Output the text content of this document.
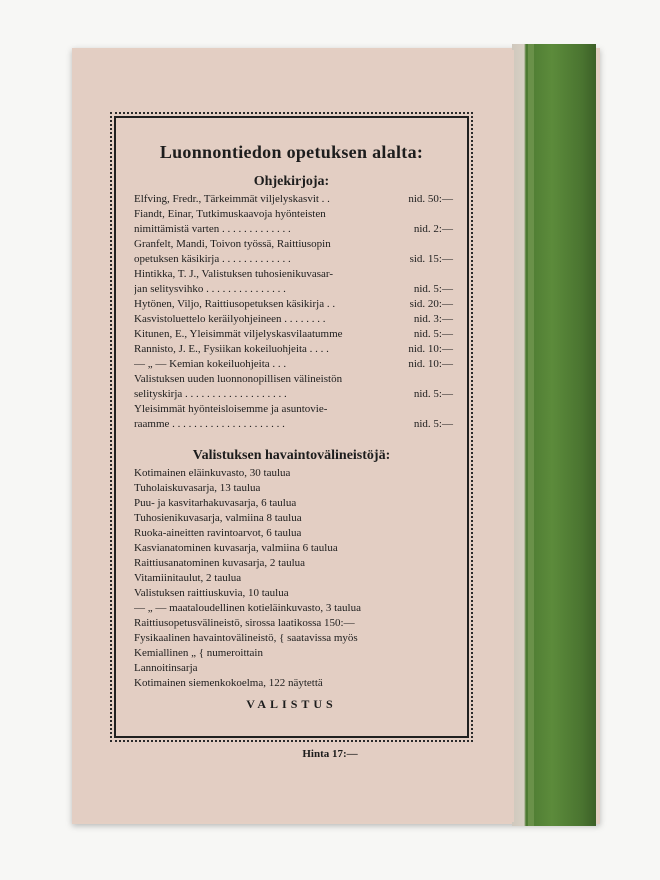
Luonnontiedon opetuksen alalta:
Ohjekirjoja:
Elfving, Fredr., Tärkeimmät viljelyskasvit . .	nid. 50:—
Fiandt, Einar, Tutkimuskaavoja hyönteisten
nimittämistä varten . . . . . . . . . . . . .	nid. 2:—
Granfelt, Mandi, Toivon työssä, Raittiusopin
opetuksen käsikirja . . . . . . . . . . . . .	sid. 15:—
Hintikka, T. J., Valistuksen tuhosienikuvasar-
jan selitysvihko . . . . . . . . . . . . . . .	nid. 5:—
Hytönen, Viljo, Raittiusopetuksen käsikirja . .	sid. 20:—
Kasvistoluettelo keräilyohjeineen . . . . . . . .	nid. 3:—
Kitunen, E., Yleisimmät viljelyskasvilaatumme	nid. 5:—
Rannisto, J. E., Fysiikan kokeiluohjeita . . . .	nid. 10:—
— „ — Kemian kokeiluohjeita . . .	nid. 10:—
Valistuksen uuden luonnonopillisen välineistön
selityskirja . . . . . . . . . . . . . . . . . . .	nid. 5:—
Yleisimmät hyönteisloisemme ja asuntovie-
raamme . . . . . . . . . . . . . . . . . . . . .	nid. 5:—
Valistuksen havaintovälineistöjä:
Kotimainen eläinkuvasto, 30 taulua
Tuholaiskuvasarja, 13 taulua
Puu- ja kasvitarhakuvasarja, 6 taulua
Tuhosienikuvasarja, valmiina 8 taulua
Ruoka-aineitten ravintoarvot, 6 taulua
Kasvianatominen kuvasarja, valmiina 6 taulua
Raittiusanatominen kuvasarja, 2 taulua
Vitamiinitaulut, 2 taulua
Valistuksen raittiuskuvia, 10 taulua
— „ — maataloudellinen kotieläinkuvasto, 3 taulua
Raittiusopetusvälineistö, sirossa laatikossa 150:—
Fysikaalinen havaintovälineistö, { saatavissa myös
Kemiallinen „ { numeroittain
Lannoitinsarja
Kotimainen siemenkokoelma, 122 näytettä
VALISTUS
Hinta 17:—
